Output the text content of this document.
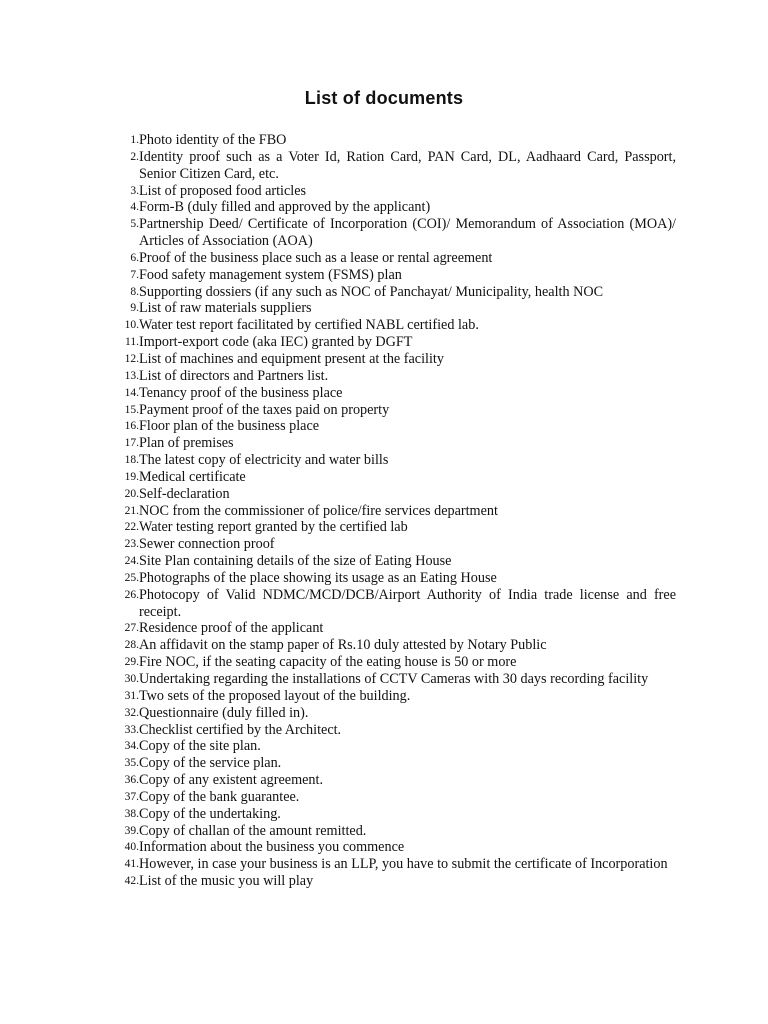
List of documents
1. Photo identity of the FBO
2. Identity proof such as a Voter Id, Ration Card, PAN Card, DL, Aadhaard Card, Passport, Senior Citizen Card, etc.
3. List of proposed food articles
4. Form-B (duly filled and approved by the applicant)
5. Partnership Deed/ Certificate of Incorporation (COI)/ Memorandum of Association (MOA)/ Articles of Association (AOA)
6. Proof of the business place such as a lease or rental agreement
7. Food safety management system (FSMS) plan
8. Supporting dossiers (if any such as NOC of Panchayat/ Municipality, health NOC
9. List of raw materials suppliers
10. Water test report facilitated by certified NABL certified lab.
11. Import-export code (aka IEC) granted by DGFT
12. List of machines and equipment present at the facility
13. List of directors and Partners list.
14. Tenancy proof of the business place
15. Payment proof of the taxes paid on property
16. Floor plan of the business place
17. Plan of premises
18. The latest copy of electricity and water bills
19. Medical certificate
20. Self-declaration
21. NOC from the commissioner of police/fire services department
22. Water testing report granted by the certified lab
23. Sewer connection proof
24. Site Plan containing details of the size of Eating House
25. Photographs of the place showing its usage as an Eating House
26. Photocopy of Valid NDMC/MCD/DCB/Airport Authority of India trade license and free receipt.
27. Residence proof of the applicant
28. An affidavit on the stamp paper of Rs.10 duly attested by Notary Public
29. Fire NOC, if the seating capacity of the eating house is 50 or more
30. Undertaking regarding the installations of CCTV Cameras with 30 days recording facility
31. Two sets of the proposed layout of the building.
32. Questionnaire (duly filled in).
33. Checklist certified by the Architect.
34. Copy of the site plan.
35. Copy of the service plan.
36. Copy of any existent agreement.
37. Copy of the bank guarantee.
38. Copy of the undertaking.
39. Copy of challan of the amount remitted.
40. Information about the business you commence
41. However, in case your business is an LLP, you have to submit the certificate of Incorporation
42. List of the music you will play
